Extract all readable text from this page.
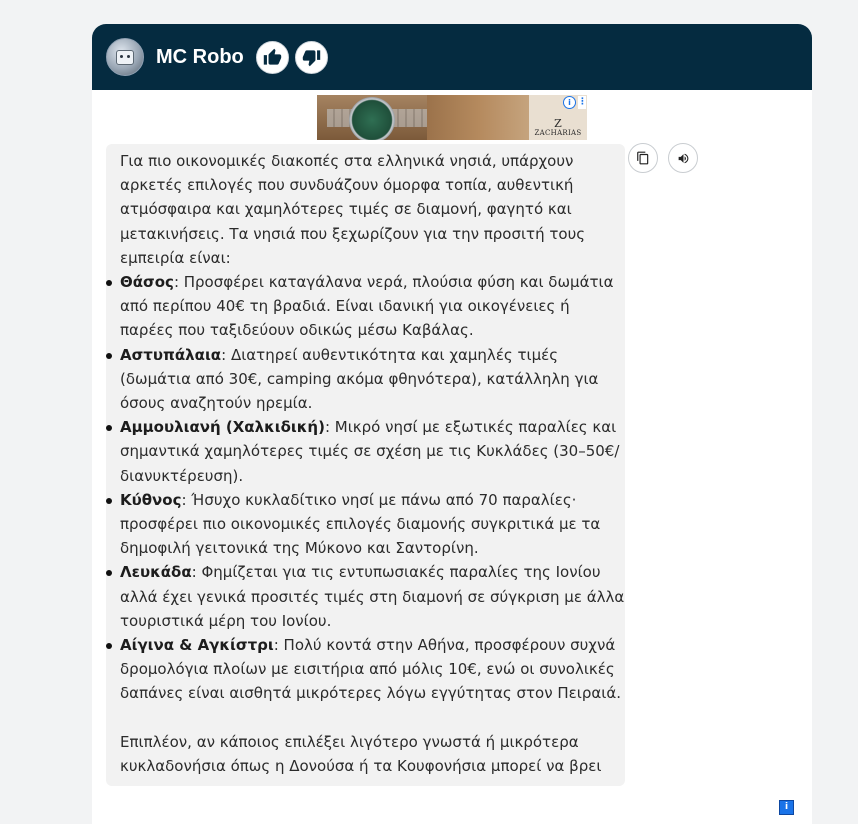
MC Robo
Z
ZACHARIAS
i ⋮

Για πιο οικονομικές διακοπές στα ελληνικά νησιά, υπάρχουν αρκετές επιλογές που συνδυάζουν όμορφα τοπία, αυθεντική ατμόσφαιρα και χαμηλότερες τιμές σε διαμονή, φαγητό και μετακινήσεις. Τα νησιά που ξεχωρίζουν για την προσιτή τους εμπειρία είναι:

Θάσος: Προσφέρει καταγάλανα νερά, πλούσια φύση και δωμάτια από περίπου 40€ τη βραδιά. Είναι ιδανική για οικογένειες ή παρέες που ταξιδεύουν οδικώς μέσω Καβάλας.
Αστυπάλαια: Διατηρεί αυθεντικότητα και χαμηλές τιμές (δωμάτια από 30€, camping ακόμα φθηνότερα), κατάλληλη για όσους αναζητούν ηρεμία.
Αμμουλιανή (Χαλκιδική): Μικρό νησί με εξωτικές παραλίες και σημαντικά χαμηλότερες τιμές σε σχέση με τις Κυκλάδες (30–50€/ διανυκτέρευση).
Κύθνος: Ήσυχο κυκλαδίτικο νησί με πάνω από 70 παραλίες· προσφέρει πιο οικονομικές επιλογές διαμονής συγκριτικά με τα δημοφιλή γειτονικά της Μύκονο και Σαντορίνη.
Λευκάδα: Φημίζεται για τις εντυπωσιακές παραλίες της Ιονίου αλλά έχει γενικά προσιτές τιμές στη διαμονή σε σύγκριση με άλλα τουριστικά μέρη του Ιονίου.
Αίγινα & Αγκίστρι: Πολύ κοντά στην Αθήνα, προσφέρουν συχνά δρομολόγια πλοίων με εισιτήρια από μόλις 10€, ενώ οι συνολικές δαπάνες είναι αισθητά μικρότερες λόγω εγγύτητας στον Πειραιά.

Επιπλέον, αν κάποιος επιλέξει λιγότερο γνωστά ή μικρότερα κυκλαδονήσια όπως η Δονούσα ή τα Κουφονήσια μπορεί να βρει

i
